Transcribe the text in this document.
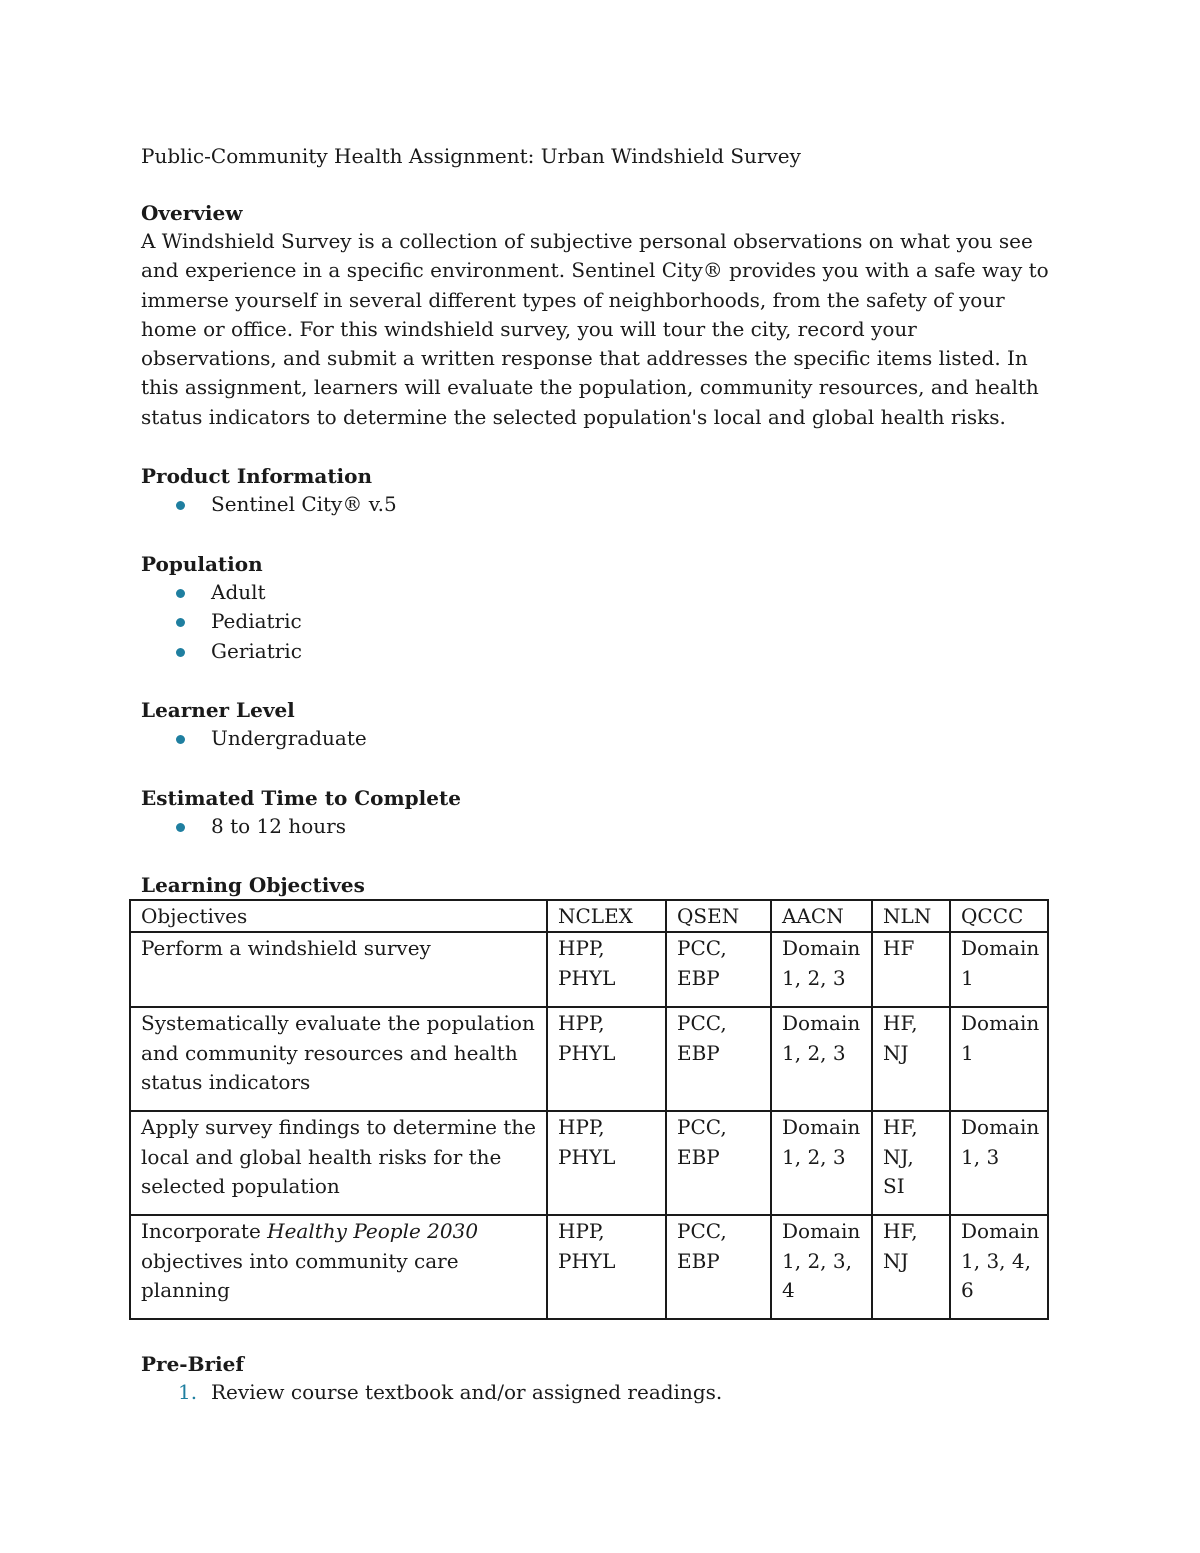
Public-Community Health Assignment: Urban Windshield Survey
Overview

A Windshield Survey is a collection of subjective personal observations on what you see and experience in a specific environment. Sentinel City® provides you with a safe way to immerse yourself in several different types of neighborhoods, from the safety of your home or office. For this windshield survey, you will tour the city, record your observations, and submit a written response that addresses the specific items listed. In this assignment, learners will evaluate the population, community resources, and health status indicators to determine the selected population's local and global health risks.

Product Information
Sentinel City® v.5
Population
Adult
Pediatric
Geriatric
Learner Level
Undergraduate
Estimated Time to Complete
8 to 12 hours
Learning Objectives
Objectives	NCLEX	QSEN	AACN	NLN	QCCC
Perform a windshield survey	HPP, PHYL	PCC, EBP	Domain 1, 2, 3	HF	Domain 1
Systematically evaluate the population and community resources and health status indicators	HPP, PHYL	PCC, EBP	Domain 1, 2, 3	HF, NJ	Domain 1
Apply survey findings to determine the local and global health risks for the selected population	HPP, PHYL	PCC, EBP	Domain 1, 2, 3	HF, NJ, SI	Domain 1, 3
Incorporate Healthy People 2030 objectives into community care planning	HPP, PHYL	PCC, EBP	Domain 1, 2, 3, 4	HF, NJ	Domain 1, 3, 4, 6
Pre-Brief
1. Review course textbook and/or assigned readings.
